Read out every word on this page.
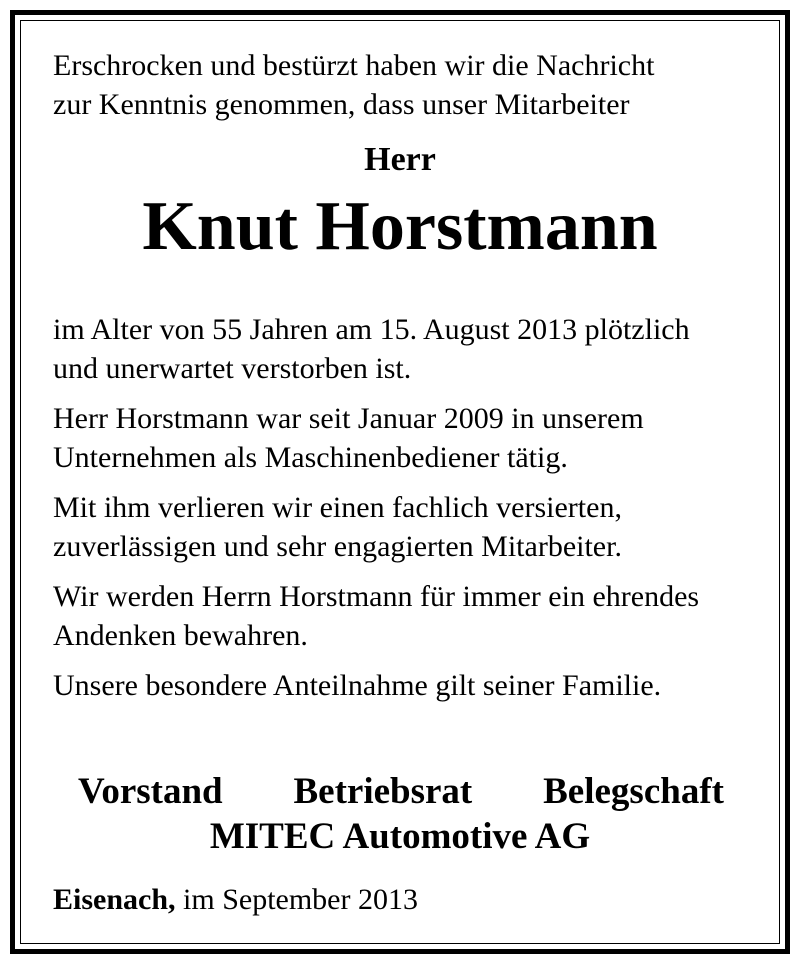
Erschrocken und bestürzt haben wir die Nachricht
zur Kenntnis genommen, dass unser Mitarbeiter

Herr
Knut Horstmann

im Alter von 55 Jahren am 15. August 2013 plötzlich
und unerwartet verstorben ist.

Herr Horstmann war seit Januar 2009 in unserem
Unternehmen als Maschinenbediener tätig.

Mit ihm verlieren wir einen fachlich versierten,
zuverlässigen und sehr engagierten Mitarbeiter.

Wir werden Herrn Horstmann für immer ein ehrendes
Andenken bewahren.

Unsere besondere Anteilnahme gilt seiner Familie.

Vorstand Betriebsrat Belegschaft
MITEC Automotive AG
Eisenach, im September 2013
